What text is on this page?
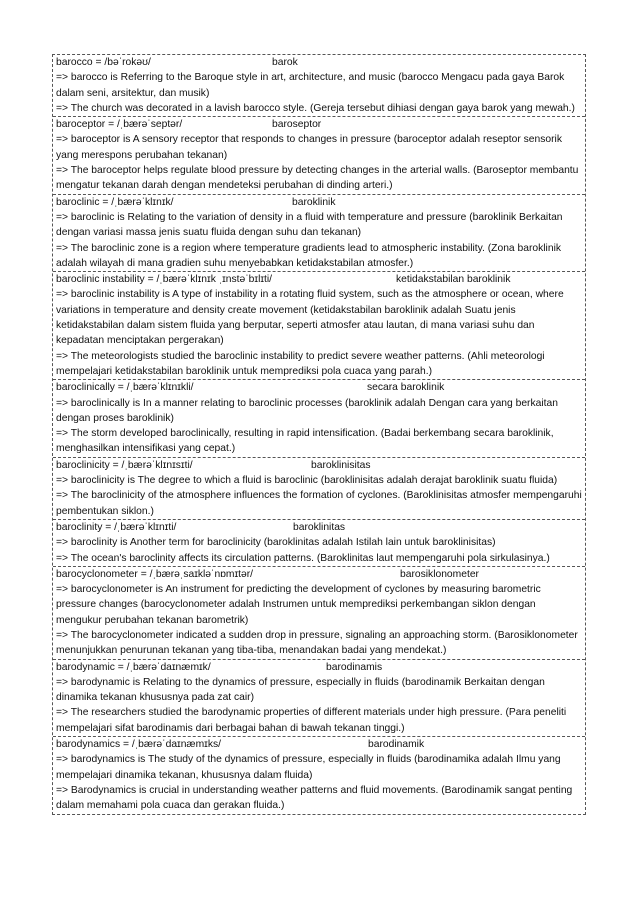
barocco = /bəˈrokəʊ/	barok
=> barocco is Referring to the Baroque style in art, architecture, and music (barocco Mengacu pada gaya Barok dalam seni, arsitektur, dan musik)
=> The church was decorated in a lavish barocco style. (Gereja tersebut dihiasi dengan gaya barok yang mewah.)
baroceptor = /ˌbærəˈseptər/	baroseptor
=> baroceptor is A sensory receptor that responds to changes in pressure (baroceptor adalah reseptor sensorik yang merespons perubahan tekanan)
=> The baroceptor helps regulate blood pressure by detecting changes in the arterial walls. (Baroseptor membantu mengatur tekanan darah dengan mendeteksi perubahan di dinding arteri.)
baroclinic = /ˌbærəˈklɪnɪk/	baroklinik
=> baroclinic is Relating to the variation of density in a fluid with temperature and pressure (baroklinik Berkaitan dengan variasi massa jenis suatu fluida dengan suhu dan tekanan)
=> The baroclinic zone is a region where temperature gradients lead to atmospheric instability. (Zona baroklinik adalah wilayah di mana gradien suhu menyebabkan ketidakstabilan atmosfer.)
baroclinic instability = /ˌbærəˈklɪnɪk ˌɪnstəˈbɪlɪti/	ketidakstabilan baroklinik
=> baroclinic instability is A type of instability in a rotating fluid system, such as the atmosphere or ocean, where variations in temperature and density create movement (ketidakstabilan baroklinik adalah Suatu jenis ketidakstabilan dalam sistem fluida yang berputar, seperti atmosfer atau lautan, di mana variasi suhu dan kepadatan menciptakan pergerakan)
=> The meteorologists studied the baroclinic instability to predict severe weather patterns. (Ahli meteorologi mempelajari ketidakstabilan baroklinik untuk memprediksi pola cuaca yang parah.)
baroclinically = /ˌbærəˈklɪnɪkli/	secara baroklinik
=> baroclinically is In a manner relating to baroclinic processes (baroklinik adalah Dengan cara yang berkaitan dengan proses baroklinik)
=> The storm developed baroclinically, resulting in rapid intensification. (Badai berkembang secara baroklinik, menghasilkan intensifikasi yang cepat.)
baroclinicity = /ˌbærəˈklɪnɪsɪti/	baroklinisitas
=> baroclinicity is The degree to which a fluid is baroclinic (baroklinisitas adalah derajat baroklinik suatu fluida)
=> The baroclinicity of the atmosphere influences the formation of cyclones. (Baroklinisitas atmosfer mempengaruhi pembentukan siklon.)
baroclinity = /ˌbærəˈklɪnɪti/	baroklinitas
=> baroclinity is Another term for baroclinicity (baroklinitas adalah Istilah lain untuk baroklinisitas)
=> The ocean's baroclinity affects its circulation patterns. (Baroklinitas laut mempengaruhi pola sirkulasinya.)
barocyclonometer = /ˌbærəˌsaɪkləˈnɒmɪtər/	barosiklonometer
=> barocyclonometer is An instrument for predicting the development of cyclones by measuring barometric pressure changes (barocyclonometer adalah Instrumen untuk memprediksi perkembangan siklon dengan mengukur perubahan tekanan barometrik)
=> The barocyclonometer indicated a sudden drop in pressure, signaling an approaching storm. (Barosiklonometer menunjukkan penurunan tekanan yang tiba-tiba, menandakan badai yang mendekat.)
barodynamic = /ˌbærəˈdaɪnæmɪk/	barodinamis
=> barodynamic is Relating to the dynamics of pressure, especially in fluids (barodinamik Berkaitan dengan dinamika tekanan khususnya pada zat cair)
=> The researchers studied the barodynamic properties of different materials under high pressure. (Para peneliti mempelajari sifat barodinamis dari berbagai bahan di bawah tekanan tinggi.)
barodynamics = /ˌbærəˈdaɪnæmɪks/	barodinamik
=> barodynamics is The study of the dynamics of pressure, especially in fluids (barodinamika adalah Ilmu yang mempelajari dinamika tekanan, khususnya dalam fluida)
=> Barodynamics is crucial in understanding weather patterns and fluid movements. (Barodinamik sangat penting dalam memahami pola cuaca dan gerakan fluida.)
